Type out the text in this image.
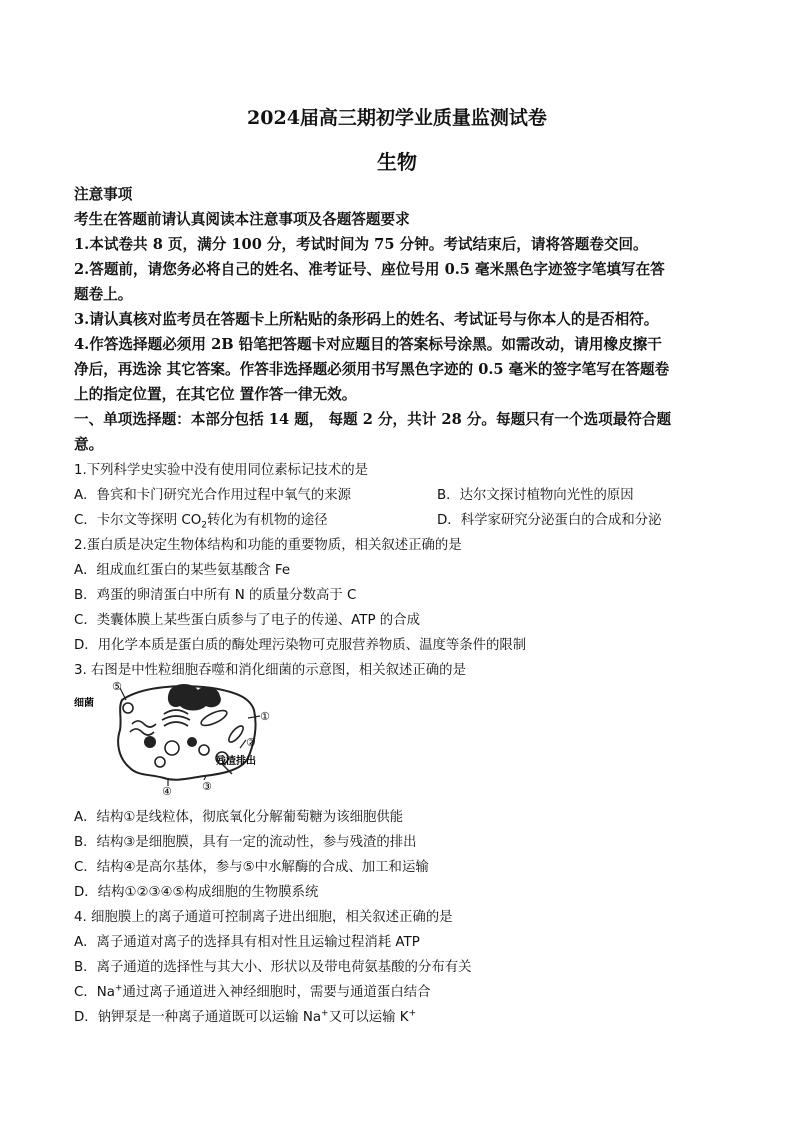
2024届高三期初学业质量监测试卷
生物
注意事项
考生在答题前请认真阅读本注意事项及各题答题要求
1.本试卷共 8 页，满分 100 分，考试时间为 75 分钟。考试结束后，请将答题卷交回。
2.答题前，请您务必将自己的姓名、准考证号、座位号用 0.5 毫米黑色字迹签字笔填写在答
题卷上。
3.请认真核对监考员在答题卡上所粘贴的条形码上的姓名、考试证号与你本人的是否相符。
4.作答选择题必须用 2B 铅笔把答题卡对应题目的答案标号涂黑。如需改动，请用橡皮擦干
净后，再选涂 其它答案。作答非选择题必须用书写黑色字迹的 0.5 毫米的签字笔写在答题卷
上的指定位置，在其它位 置作答一律无效。
一、单项选择题：本部分包括 14 题， 每题 2 分，共计 28 分。每题只有一个选项最符合题
意。
1.下列科学史实验中没有使用同位素标记技术的是
A．鲁宾和卡门研究光合作用过程中氧气的来源	B．达尔文探讨植物向光性的原因
C．卡尔文等探明 $CO_2$转化为有机物的途径	D．科学家研究分泌蛋白的合成和分泌
2.蛋白质是决定生物体结构和功能的重要物质，相关叙述正确的是
A．组成血红蛋白的某些氨基酸含 Fe
B．鸡蛋的卵清蛋白中所有 N 的质量分数高于 C
C．类囊体膜上某些蛋白质参与了电子的传递、ATP 的合成
D．用化学本质是蛋白质的酶处理污染物可克服营养物质、温度等条件的限制
3. 右图是中性粒细胞吞噬和消化细菌的示意图，相关叙述正确的是
细菌
⑤
①
②
③
④
残渣排出
A．结构①是线粒体，彻底氧化分解葡萄糖为该细胞供能
B．结构③是细胞膜，具有一定的流动性，参与残渣的排出
C．结构④是高尔基体，参与⑤中水解酶的合成、加工和运输
D．结构①②③④⑤构成细胞的生物膜系统
4. 细胞膜上的离子通道可控制离子进出细胞，相关叙述正确的是
A．离子通道对离子的选择具有相对性且运输过程消耗 ATP
B．离子通道的选择性与其大小、形状以及带电荷氨基酸的分布有关
C．Na+通过离子通道进入神经细胞时，需要与通道蛋白结合
D．钠钾泵是一种离子通道既可以运输 Na+又可以运输 K+
